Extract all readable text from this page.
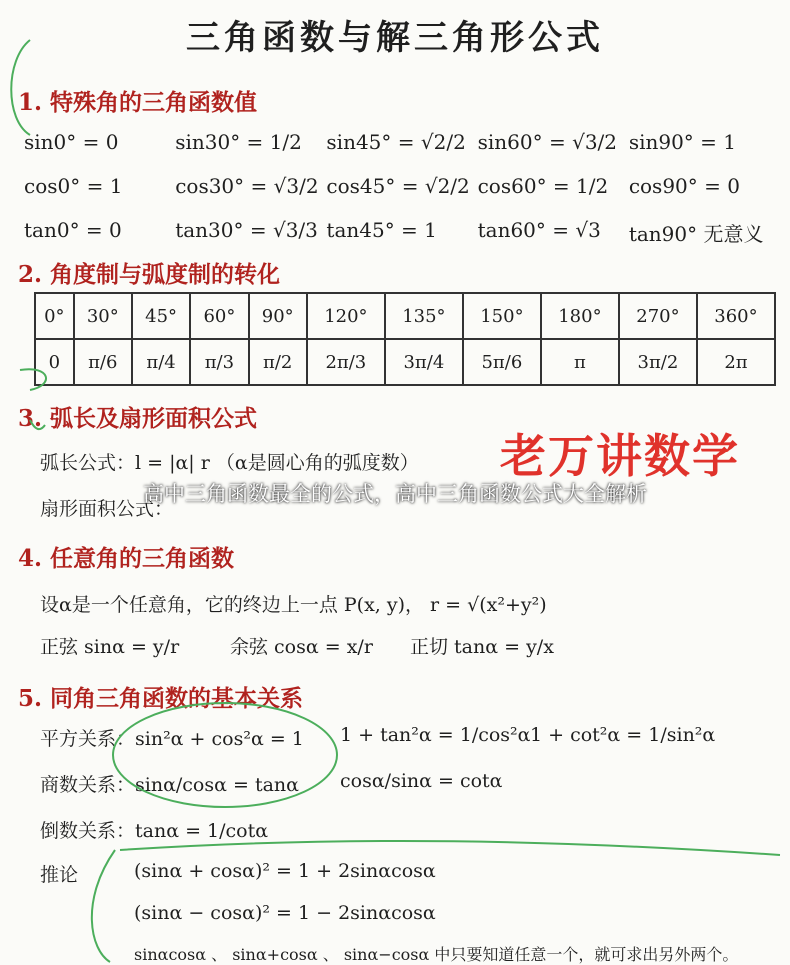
三角函数与解三角形公式
1. 特殊角的三角函数值
sin0° = 0	sin30° = 1/2	sin45° = √2/2 sin60° = √3/2 sin90° = 1
cos0° = 1	cos30° = √3/2 cos45° = √2/2 cos60° = 1/2	cos90° = 0
tan0° = 0	tan30° = √3/3 tan45° = 1	tan60° = √3	tan90° 无意义
2. 角度制与弧度制的转化
0°	30°	45°	60°	90°	120°	135°	150°	180°	270°	360°
0	π/6	π/4	π/3	π/2	2π/3	3π/4	5π/6	π	3π/2	2π
3. 弧长及扇形面积公式
弧长公式：l = |α| r （α是圆心角的弧度数）
扇形面积公式：
老万讲数学
高中三角函数最全的公式，高中三角函数公式大全解析
4. 任意角的三角函数
设α是一个任意角，它的终边上一点 P(x, y)， r = √(x²+y²)
正弦 sinα = y/r	余弦 cosα = x/r 正切 tanα = y/x
5. 同角三角函数的基本关系
平方关系：sin²α + cos²α = 1 1 + tan²α = 1/cos²α 1 + cot²α = 1/sin²α
商数关系：sinα/cosα = tanα cosα/sinα = cotα
倒数关系：tanα = 1/cotα
推论	(sinα + cosα)² = 1 + 2sinαcosα
(sinα − cosα)² = 1 − 2sinαcosα
sinαcosα 、 sinα+cosα 、 sinα−cosα 中只要知道任意一个，就可求出另外两个。
